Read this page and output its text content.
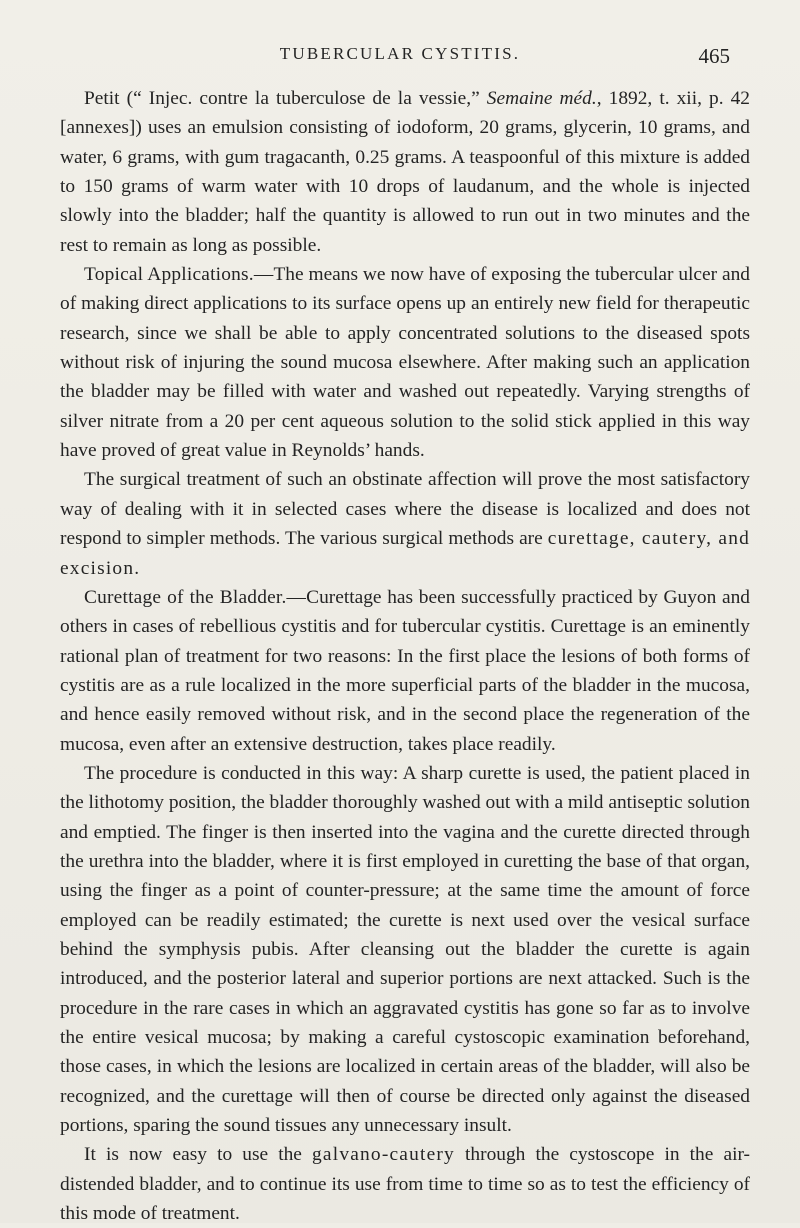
TUBERCULAR CYSTITIS.	465

Petit (“ Injec. contre la tuberculose de la vessie,” Semaine méd., 1892, t. xii, p. 42 [annexes]) uses an emulsion consisting of iodoform, 20 grams, glycerin, 10 grams, and water, 6 grams, with gum tragacanth, 0.25 grams. A teaspoonful of this mixture is added to 150 grams of warm water with 10 drops of laudanum, and the whole is injected slowly into the bladder; half the quantity is allowed to run out in two minutes and the rest to remain as long as possible.

Topical Applications.—The means we now have of exposing the tubercular ulcer and of making direct applications to its surface opens up an entirely new field for therapeutic research, since we shall be able to apply concentrated solutions to the diseased spots without risk of injuring the sound mucosa elsewhere. After making such an application the bladder may be filled with water and washed out repeatedly. Varying strengths of silver nitrate from a 20 per cent aqueous solution to the solid stick applied in this way have proved of great value in Reynolds’ hands.

The surgical treatment of such an obstinate affection will prove the most satisfactory way of dealing with it in selected cases where the disease is localized and does not respond to simpler methods. The various surgical methods are curettage, cautery, and excision.

Curettage of the Bladder.—Curettage has been successfully practiced by Guyon and others in cases of rebellious cystitis and for tubercular cystitis. Curettage is an eminently rational plan of treatment for two reasons: In the first place the lesions of both forms of cystitis are as a rule localized in the more superficial parts of the bladder in the mucosa, and hence easily removed without risk, and in the second place the regeneration of the mucosa, even after an extensive destruction, takes place readily.

The procedure is conducted in this way: A sharp curette is used, the patient placed in the lithotomy position, the bladder thoroughly washed out with a mild antiseptic solution and emptied. The finger is then inserted into the vagina and the curette directed through the urethra into the bladder, where it is first employed in curetting the base of that organ, using the finger as a point of counter-pressure; at the same time the amount of force employed can be readily estimated; the curette is next used over the vesical surface behind the symphysis pubis. After cleansing out the bladder the curette is again introduced, and the posterior lateral and superior portions are next attacked. Such is the procedure in the rare cases in which an aggravated cystitis has gone so far as to involve the entire vesical mucosa; by making a careful cystoscopic examination beforehand, those cases, in which the lesions are localized in certain areas of the bladder, will also be recognized, and the curettage will then of course be directed only against the diseased portions, sparing the sound tissues any unnecessary insult.

It is now easy to use the galvano-cautery through the cystoscope in the air-distended bladder, and to continue its use from time to time so as to test the efficiency of this mode of treatment.
